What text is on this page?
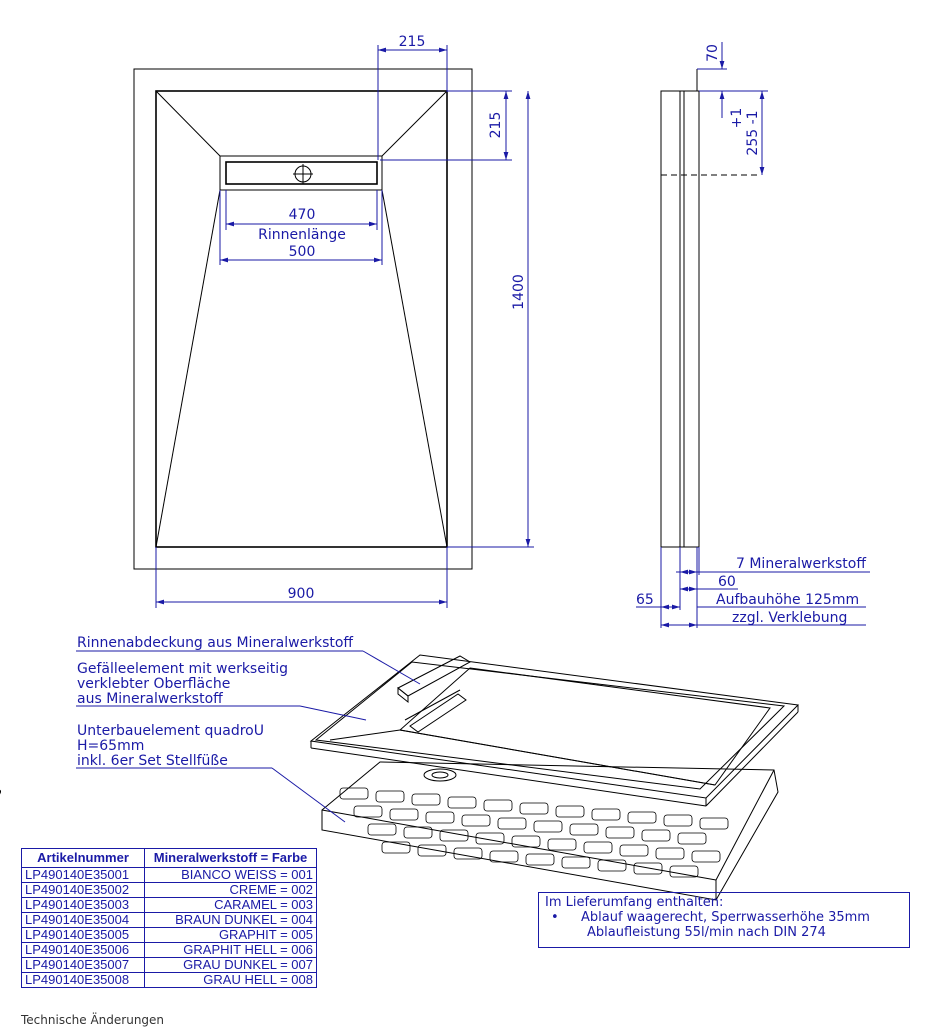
215
215
1400
470
Rinnenlänge
500
900
70
+1 255 -1
7 Mineralwerkstoff
60
65	Aufbauhöhe 125mm
zzgl. Verklebung
Rinnenabdeckung aus Mineralwerkstoff
Gefälleelement mit werkseitig
verklebter Oberfläche
aus Mineralwerkstoff
Unterbauelement quadroU
H=65mm
inkl. 6er Set Stellfüße
Artikelnummer	Mineralwerkstoff = Farbe
LP490140E35001	BIANCO WEISS = 001
LP490140E35002	CREME = 002
LP490140E35003	CARAMEL = 003
LP490140E35004	BRAUN DUNKEL = 004
LP490140E35005	GRAPHIT = 005
LP490140E35006	GRAPHIT HELL = 006
LP490140E35007	GRAU DUNKEL = 007
LP490140E35008	GRAU HELL = 008
Im Lieferumfang enthalten:
• Ablauf waagerecht, Sperrwasserhöhe 35mm
Ablaufleistung 55l/min nach DIN 274
Technische Änderungen
